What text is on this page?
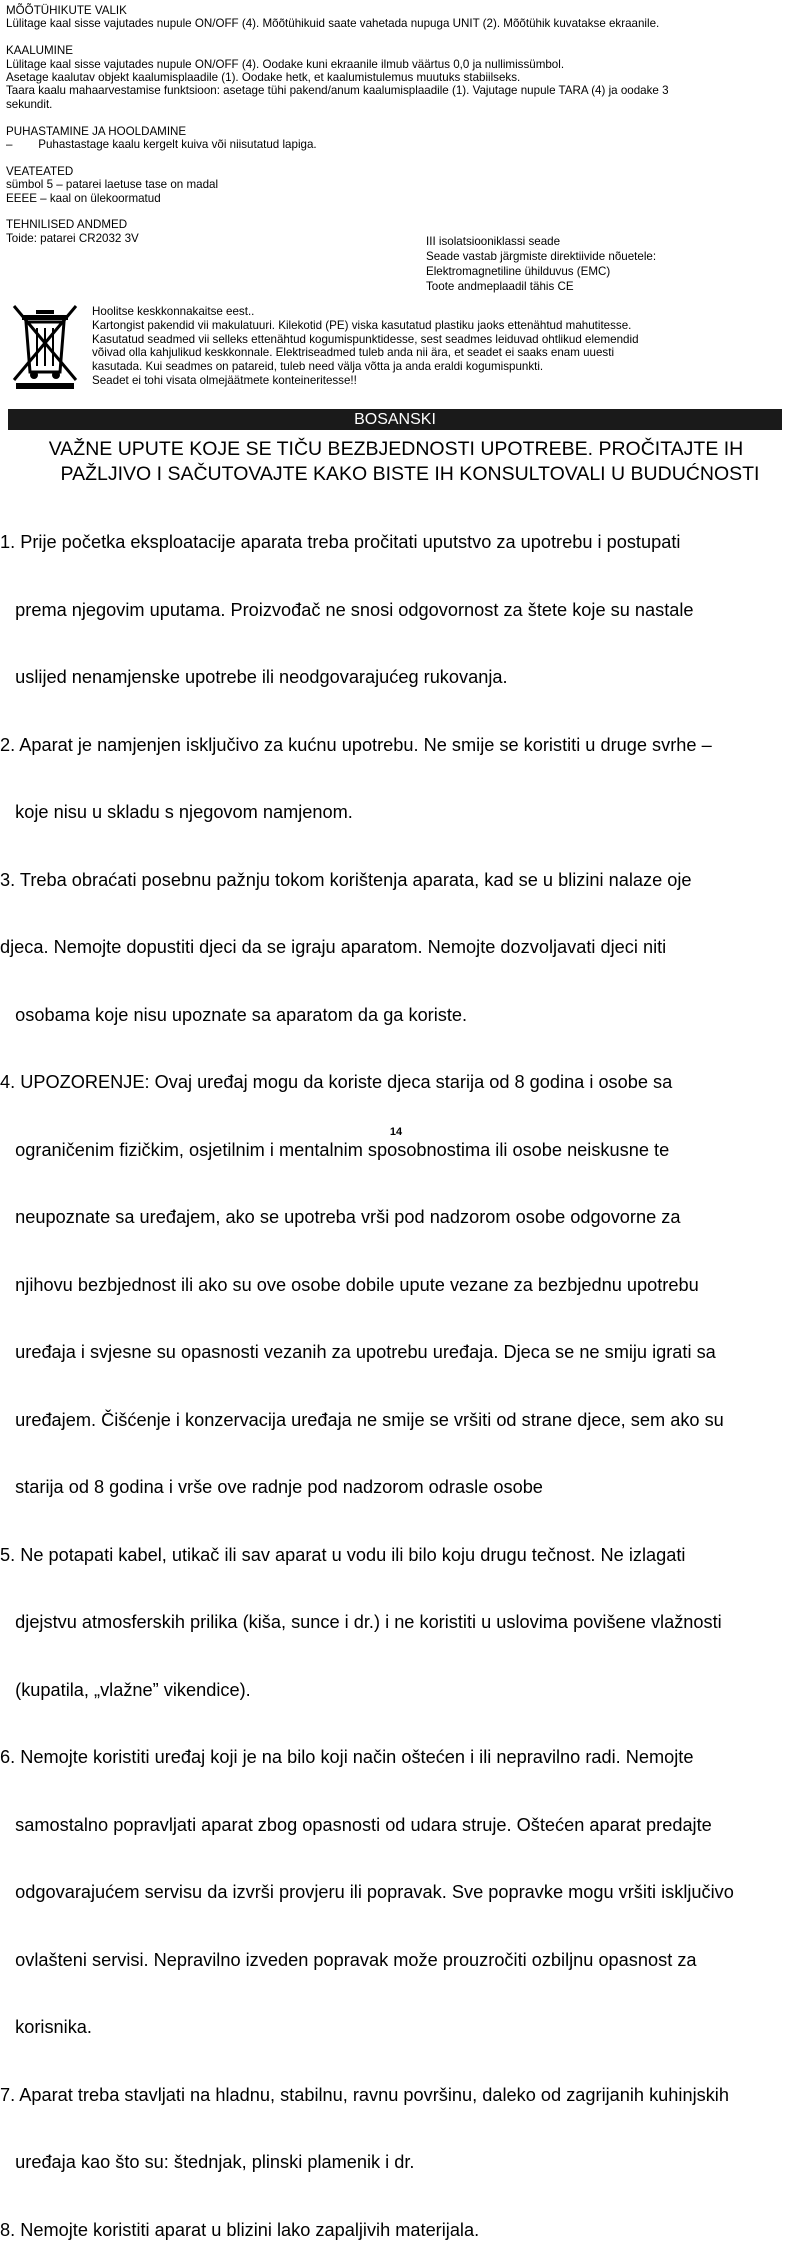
MÕÕTÜHIKUTE VALIK
Lülitage kaal sisse vajutades nupule ON/OFF (4). Mõõtühikuid saate vahetada nupuga UNIT (2). Mõõtühik kuvatakse ekraanile.
KAALUMINE
Lülitage kaal sisse vajutades nupule ON/OFF (4). Oodake kuni ekraanile ilmub väärtus 0,0 ja nullimissümbol.
Asetage kaalutav objekt kaalumisplaadile (1). Oodake hetk, et kaalumistulemus muutuks stabiilseks.
Taara kaalu mahaarvestamise funktsioon: asetage tühi pakend/anum kaalumisplaadile (1). Vajutage nupule TARA (4) ja oodake 3
sekundit.
PUHASTAMINE JA HOOLDAMINE
–        Puhastastage kaalu kergelt kuiva või niisutatud lapiga.
VEATEATED
sümbol 5 – patarei laetuse tase on madal
EEEE – kaal on ülekoormatud
TEHNILISED ANDMED
Toide: patarei CR2032 3V	III isolatsiooniklassi seade
Seade vastab järgmiste direktiivide nõuetele:
Elektromagnetiline ühilduvus (EMC)
Toote andmeplaadil tähis CE
Hoolitse keskkonnakaitse eest..
Kartongist pakendid vii makulatuuri. Kilekotid (PE) viska kasutatud plastiku jaoks ettenähtud mahutitesse.
Kasutatud seadmed vii selleks ettenähtud kogumispunktidesse, sest seadmes leiduvad ohtlikud elemendid
võivad olla kahjulikud keskkonnale. Elektriseadmed tuleb anda nii ära, et seadet ei saaks enam uuesti
kasutada. Kui seadmes on patareid, tuleb need välja võtta ja anda eraldi kogumispunkti.
Seadet ei tohi visata olmejäätmete konteineritesse!!
BOSANSKI
VAŽNE UPUTE KOJE SE TIČU BEZBJEDNOSTI UPOTREBE. PROČITAJTE IH
PAŽLJIVO I SAČUTOVAJTE KAKO BISTE IH KONSULTOVALI U BUDUĆNOSTI

1. Prije početka eksploatacije aparata treba pročitati uputstvo za upotrebu i postupati

prema njegovim uputama. Proizvođač ne snosi odgovornost za štete koje su nastale

uslijed nenamjenske upotrebe ili neodgovarajućeg rukovanja.

2. Aparat je namjenjen isključivo za kućnu upotrebu. Ne smije se koristiti u druge svrhe –

koje nisu u skladu s njegovom namjenom.

3. Treba obraćati posebnu pažnju tokom korištenja aparata, kad se u blizini nalaze oje

djeca. Nemojte dopustiti djeci da se igraju aparatom. Nemojte dozvoljavati djeci niti

osobama koje nisu upoznate sa aparatom da ga koriste.

4. UPOZORENJE: Ovaj uređaj mogu da koriste djeca starija od 8 godina i osobe sa

ograničenim fizičkim, osjetilnim i mentalnim sposobnostima ili osobe neiskusne te

neupoznate sa uređajem, ako se upotreba vrši pod nadzorom osobe odgovorne za

njihovu bezbjednost ili ako su ove osobe dobile upute vezane za bezbjednu upotrebu

uređaja i svjesne su opasnosti vezanih za upotrebu uređaja. Djeca se ne smiju igrati sa

uređajem. Čišćenje i konzervacija uređaja ne smije se vršiti od strane djece, sem ako su

starija od 8 godina i vrše ove radnje pod nadzorom odrasle osobe

5. Ne potapati kabel, utikač ili sav aparat u vodu ili bilo koju drugu tečnost. Ne izlagati

djejstvu atmosferskih prilika (kiša, sunce i dr.) i ne koristiti u uslovima povišene vlažnosti

(kupatila, „vlažne” vikendice).

6. Nemojte koristiti uređaj koji je na bilo koji način oštećen i ili nepravilno radi. Nemojte

samostalno popravljati aparat zbog opasnosti od udara struje. Oštećen aparat predajte

odgovarajućem servisu da izvrši provjeru ili popravak. Sve popravke mogu vršiti isključivo

ovlašteni servisi. Nepravilno izveden popravak može prouzročiti ozbiljnu opasnost za

korisnika.

7. Aparat treba stavljati na hladnu, stabilnu, ravnu površinu, daleko od zagrijanih kuhinjskih

uređaja kao što su: štednjak, plinski plamenik i dr.

8. Nemojte koristiti aparat u blizini lako zapaljivih materijala.

14
